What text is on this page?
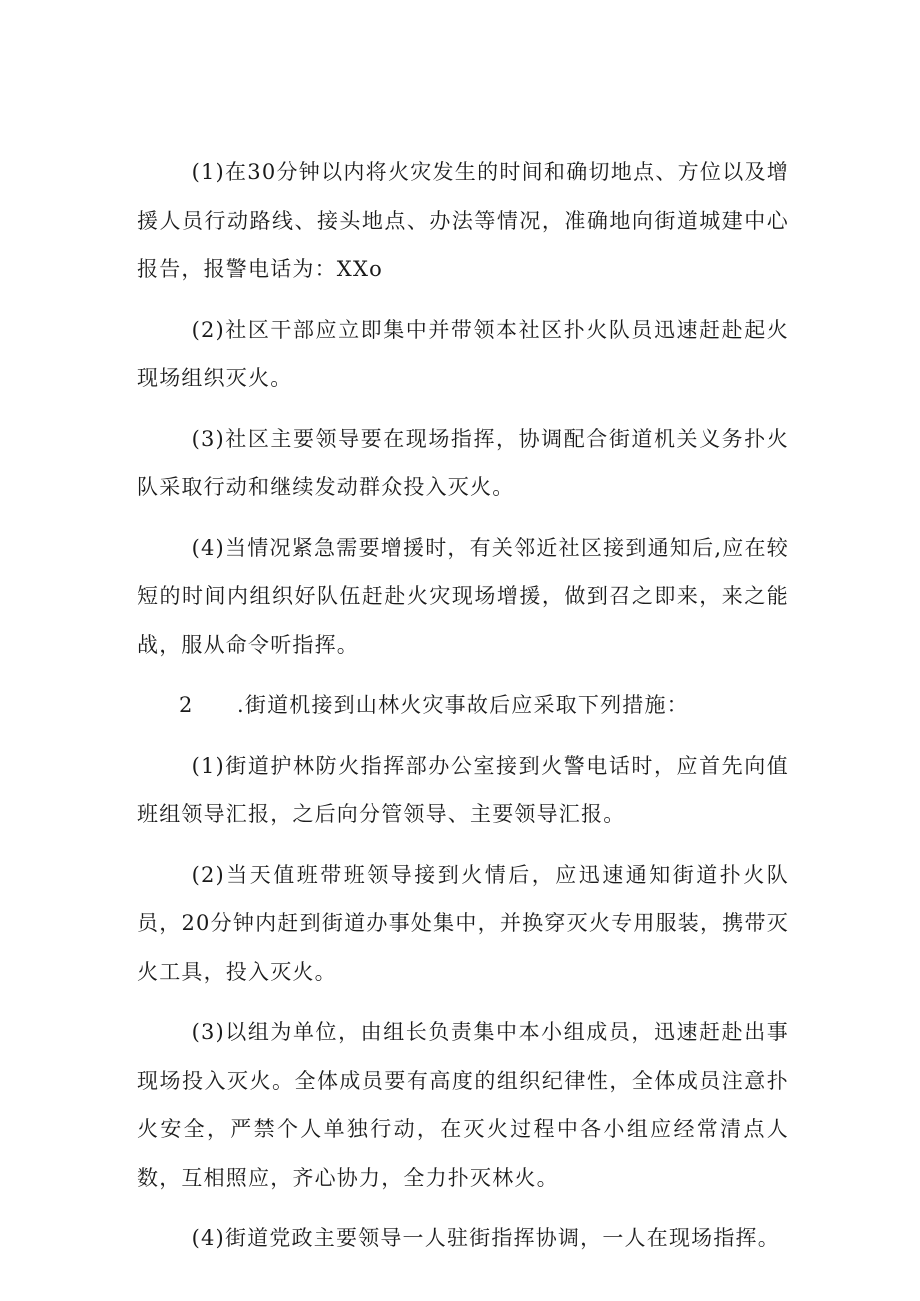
(1)在30分钟以内将火灾发生的时间和确切地点、方位以及增援人员行动路线、接头地点、办法等情况，准确地向街道城建中心报告，报警电话为：XXo

(2)社区干部应立即集中并带领本社区扑火队员迅速赶赴起火现场组织灭火。

(3)社区主要领导要在现场指挥，协调配合街道机关义务扑火队采取行动和继续发动群众投入灭火。

(4)当情况紧急需要增援时，有关邻近社区接到通知后,应在较短的时间内组织好队伍赶赴火灾现场增援，做到召之即来，来之能战，服从命令听指挥。

2 .街道机接到山林火灾事故后应采取下列措施：

(1)街道护林防火指挥部办公室接到火警电话时，应首先向值班组领导汇报，之后向分管领导、主要领导汇报。

(2)当天值班带班领导接到火情后，应迅速通知街道扑火队员，20分钟内赶到街道办事处集中，并换穿灭火专用服装，携带灭火工具，投入灭火。

(3)以组为单位，由组长负责集中本小组成员，迅速赶赴出事现场投入灭火。全体成员要有高度的组织纪律性，全体成员注意扑火安全，严禁个人单独行动，在灭火过程中各小组应经常清点人数，互相照应，齐心协力，全力扑灭林火。

(4)街道党政主要领导一人驻街指挥协调，一人在现场指挥。
